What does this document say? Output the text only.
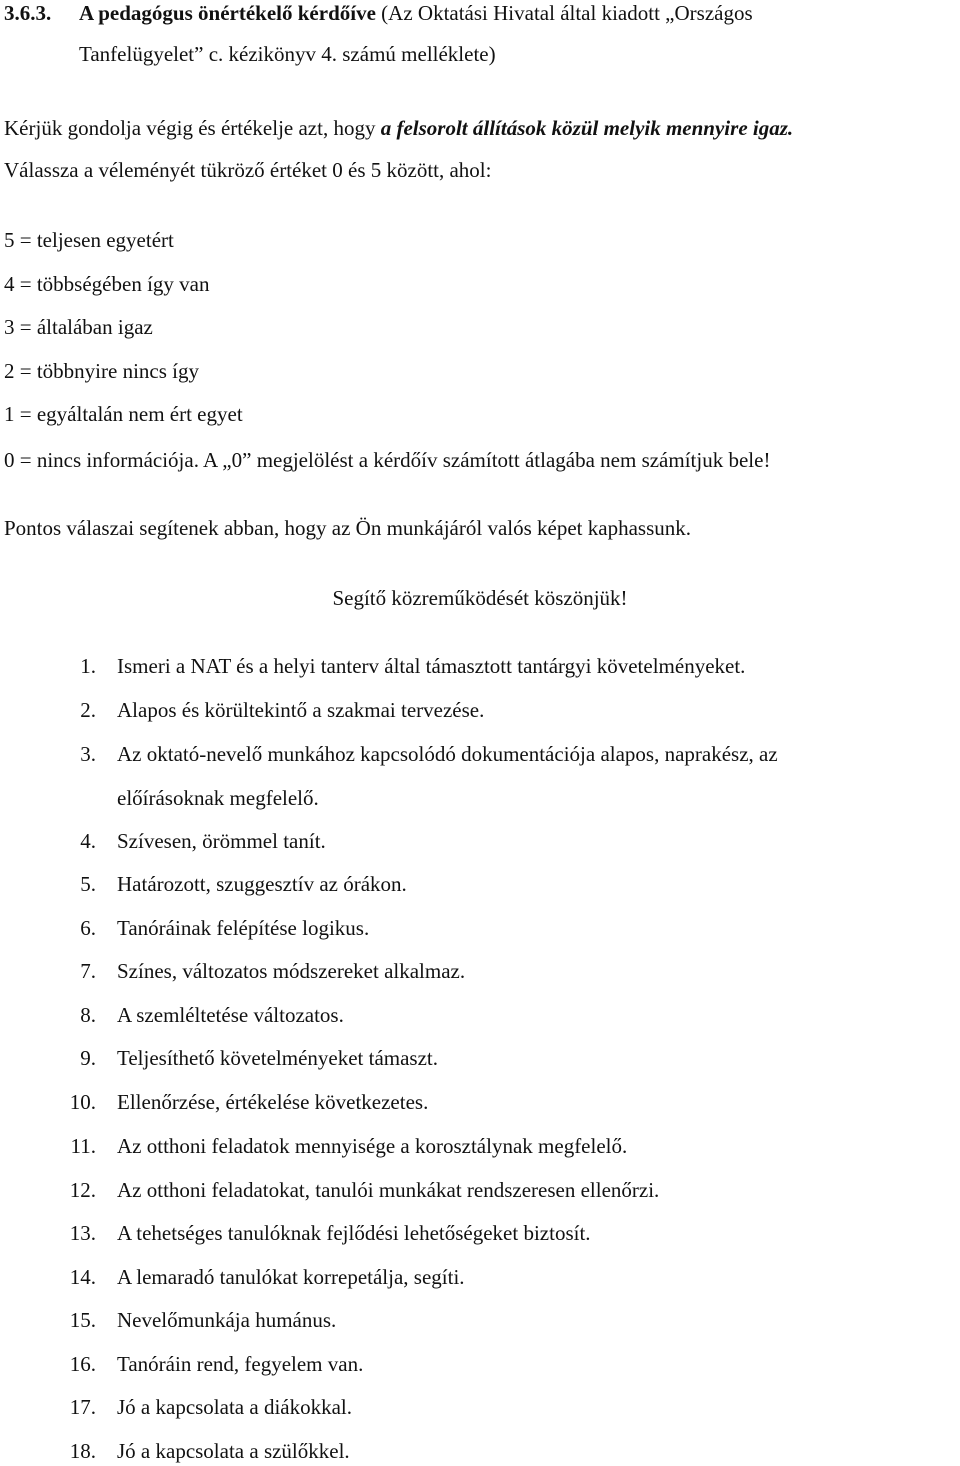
3.6.3. A pedagógus önértékelő kérdőíve (Az Oktatási Hivatal által kiadott „Országos
Tanfelügyelet” c. kézikönyv 4. számú melléklete)
Kérjük gondolja végig és értékelje azt, hogy a felsorolt állítások közül melyik mennyire igaz.
Válassza a véleményét tükröző értéket 0 és 5 között, ahol:
5 = teljesen egyetért
4 = többségében így van
3 = általában igaz
2 = többnyire nincs így
1 = egyáltalán nem ért egyet
0 = nincs információja. A „0” megjelölést a kérdőív számított átlagába nem számítjuk bele!
Pontos válaszai segítenek abban, hogy az Ön munkájáról valós képet kaphassunk.
Segítő közreműködését köszönjük!
1. Ismeri a NAT és a helyi tanterv által támasztott tantárgyi követelményeket.
2. Alapos és körültekintő a szakmai tervezése.
3. Az oktató-nevelő munkához kapcsolódó dokumentációja alapos, naprakész, az
előírásoknak megfelelő.
4. Szívesen, örömmel tanít.
5. Határozott, szuggesztív az órákon.
6. Tanóráinak felépítése logikus.
7. Színes, változatos módszereket alkalmaz.
8. A szemléltetése változatos.
9. Teljesíthető követelményeket támaszt.
10. Ellenőrzése, értékelése következetes.
11. Az otthoni feladatok mennyisége a korosztálynak megfelelő.
12. Az otthoni feladatokat, tanulói munkákat rendszeresen ellenőrzi.
13. A tehetséges tanulóknak fejlődési lehetőségeket biztosít.
14. A lemaradó tanulókat korrepetálja, segíti.
15. Nevelőmunkája humánus.
16. Tanóráin rend, fegyelem van.
17. Jó a kapcsolata a diákokkal.
18. Jó a kapcsolata a szülőkkel.
